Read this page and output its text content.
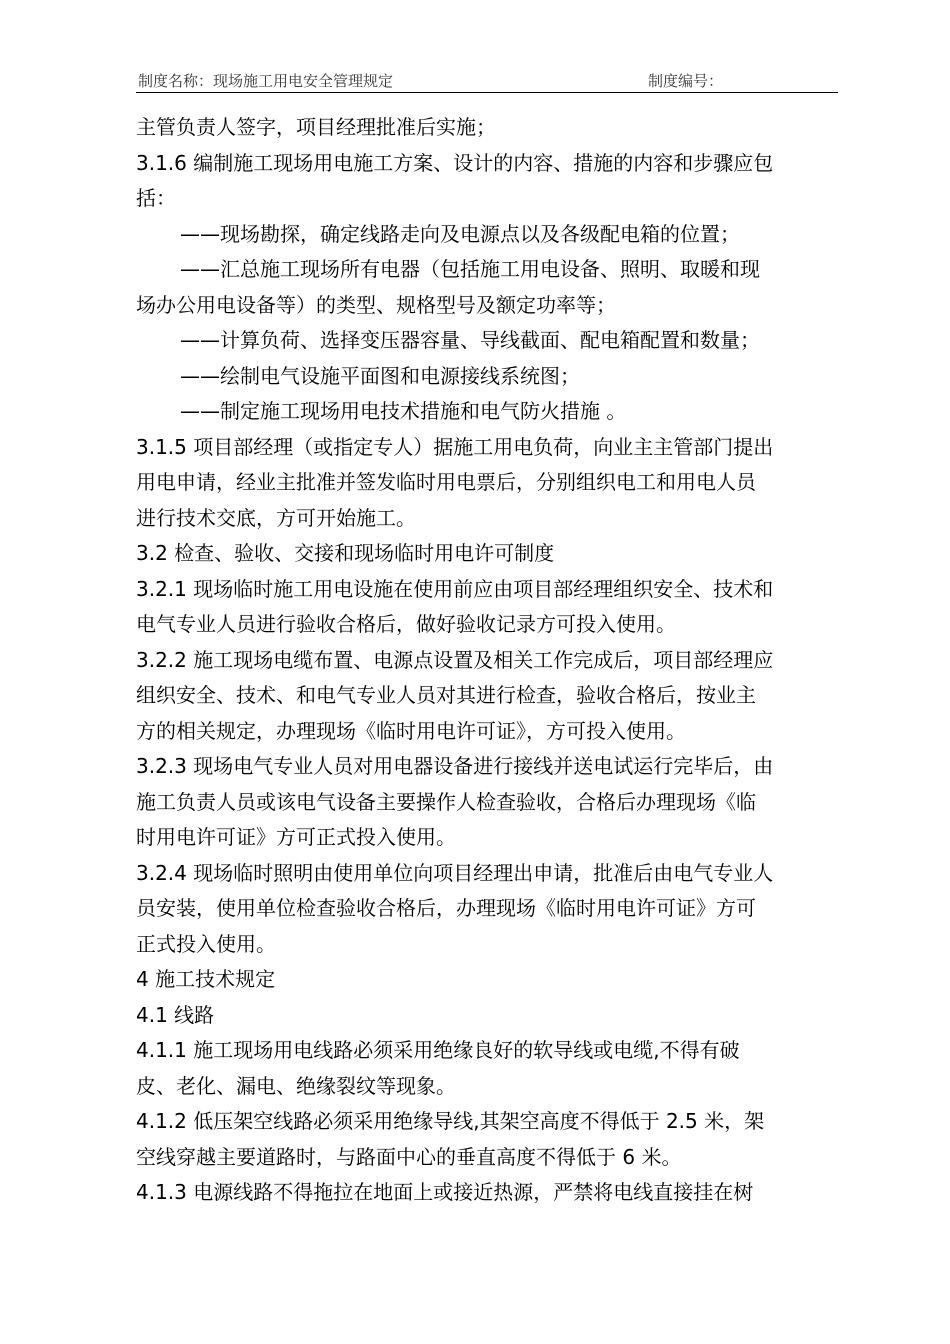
制度名称：现场施工用电安全管理规定	制度编号：
主管负责人签字，项目经理批准后实施；
3.1.6 编制施工现场用电施工方案、设计的内容、措施的内容和步骤应包
括：
——现场勘探，确定线路走向及电源点以及各级配电箱的位置；
——汇总施工现场所有电器（包括施工用电设备、照明、取暖和现
场办公用电设备等）的类型、规格型号及额定功率等；
——计算负荷、选择变压器容量、导线截面、配电箱配置和数量；
——绘制电气设施平面图和电源接线系统图；
——制定施工现场用电技术措施和电气防火措施 。
3.1.5 项目部经理（或指定专人）据施工用电负荷，向业主主管部门提出
用电申请，经业主批准并签发临时用电票后，分别组织电工和用电人员
进行技术交底，方可开始施工。
3.2 检查、验收、交接和现场临时用电许可制度
3.2.1 现场临时施工用电设施在使用前应由项目部经理组织安全、技术和
电气专业人员进行验收合格后，做好验收记录方可投入使用。
3.2.2 施工现场电缆布置、电源点设置及相关工作完成后，项目部经理应
组织安全、技术、和电气专业人员对其进行检查，验收合格后，按业主
方的相关规定，办理现场《临时用电许可证》，方可投入使用。
3.2.3 现场电气专业人员对用电器设备进行接线并送电试运行完毕后，由
施工负责人员或该电气设备主要操作人检查验收，合格后办理现场《临
时用电许可证》方可正式投入使用。
3.2.4 现场临时照明由使用单位向项目经理出申请，批准后由电气专业人
员安装，使用单位检查验收合格后，办理现场《临时用电许可证》方可
正式投入使用。
4 施工技术规定
4.1 线路
4.1.1 施工现场用电线路必须采用绝缘良好的软导线或电缆,不得有破
皮、老化、漏电、绝缘裂纹等现象。
4.1.2 低压架空线路必须采用绝缘导线,其架空高度不得低于 2.5 米，架
空线穿越主要道路时，与路面中心的垂直高度不得低于 6 米。
4.1.3 电源线路不得拖拉在地面上或接近热源，严禁将电线直接挂在树
